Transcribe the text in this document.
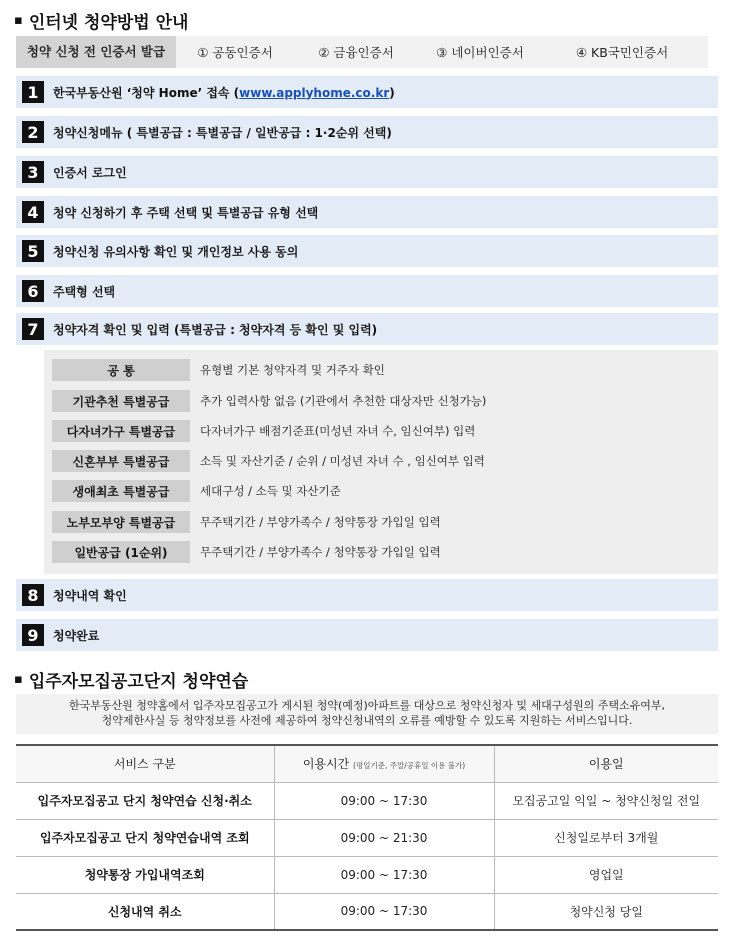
▪ 인터넷 청약방법 안내
청약 신청 전 인증서 발급	① 공동인증서	② 금융인증서	③ 네이버인증서	④ KB국민인증서
1	한국부동산원 ‘청약 Home’ 접속 (www.applyhome.co.kr)
2	청약신청메뉴 ( 특별공급 : 특별공급 / 일반공급 : 1·2순위 선택)
3	인증서 로그인
4	청약 신청하기 후 주택 선택 및 특별공급 유형 선택
5	청약신청 유의사항 확인 및 개인정보 사용 동의
6	주택형 선택
7	청약자격 확인 및 입력 (특별공급 : 청약자격 등 확인 및 입력)
공 통	유형별 기본 청약자격 및 거주자 확인
기관추천 특별공급	추가 입력사항 없음 (기관에서 추천한 대상자만 신청가능)
다자녀가구 특별공급	다자녀가구 배점기준표(미성년 자녀 수, 임신여부) 입력
신혼부부 특별공급	소득 및 자산기준 / 순위 / 미성년 자녀 수 , 임신여부 입력
생애최초 특별공급	세대구성 / 소득 및 자산기준
노부모부양 특별공급	무주택기간 / 부양가족수 / 청약통장 가입일 입력
일반공급 (1순위)	무주택기간 / 부양가족수 / 청약통장 가입일 입력
8	청약내역 확인
9	청약완료
▪ 입주자모집공고단지 청약연습
한국부동산원 청약홈에서 입주자모집공고가 게시된 청약(예정)아파트를 대상으로 청약신청자 및 세대구성원의 주택소유여부,
청약제한사실 등 청약정보를 사전에 제공하여 청약신청내역의 오류를 예방할 수 있도록 지원하는 서비스입니다.
서비스 구분	이용시간 (평일기준, 주말/공휴일 이용 불가)	이용일
입주자모집공고 단지 청약연습 신청·취소	09:00 ~ 17:30	모집공고일 익일 ~ 청약신청일 전일
입주자모집공고 단지 청약연습내역 조회	09:00 ~ 21:30	신청일로부터 3개월
청약통장 가입내역조회	09:00 ~ 17:30	영업일
신청내역 취소	09:00 ~ 17:30	청약신청 당일
